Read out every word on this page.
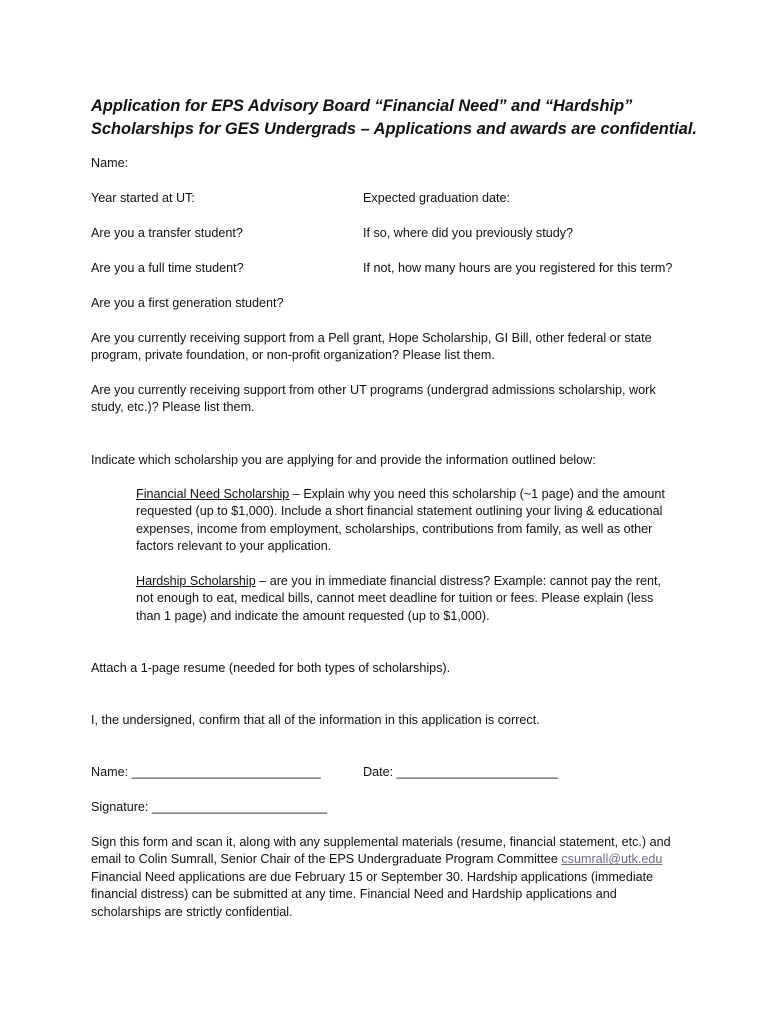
Application for EPS Advisory Board “Financial Need” and “Hardship”
Scholarships for GES Undergrads – Applications and awards are confidential.
Name:
Year started at UT:	Expected graduation date:
Are you a transfer student?	If so, where did you previously study?
Are you a full time student?	If not, how many hours are you registered for this term?
Are you a first generation student?

Are you currently receiving support from a Pell grant, Hope Scholarship, GI Bill, other federal or state program, private foundation, or non-profit organization? Please list them.

Are you currently receiving support from other UT programs (undergrad admissions scholarship, work study, etc.)? Please list them.

Indicate which scholarship you are applying for and provide the information outlined below:

Financial Need Scholarship – Explain why you need this scholarship (~1 page) and the amount requested (up to $1,000). Include a short financial statement outlining your living & educational expenses, income from employment, scholarships, contributions from family, as well as other factors relevant to your application.

Hardship Scholarship – are you in immediate financial distress? Example: cannot pay the rent, not enough to eat, medical bills, cannot meet deadline for tuition or fees. Please explain (less than 1 page) and indicate the amount requested (up to $1,000).

Attach a 1-page resume (needed for both types of scholarships).
I, the undersigned, confirm that all of the information in this application is correct.
Name: ___________________________	Date: _______________________
Signature: _________________________

Sign this form and scan it, along with any supplemental materials (resume, financial statement, etc.) and email to Colin Sumrall, Senior Chair of the EPS Undergraduate Program Committee csumrall@utk.edu Financial Need applications are due February 15 or September 30. Hardship applications (immediate financial distress) can be submitted at any time. Financial Need and Hardship applications and scholarships are strictly confidential.
